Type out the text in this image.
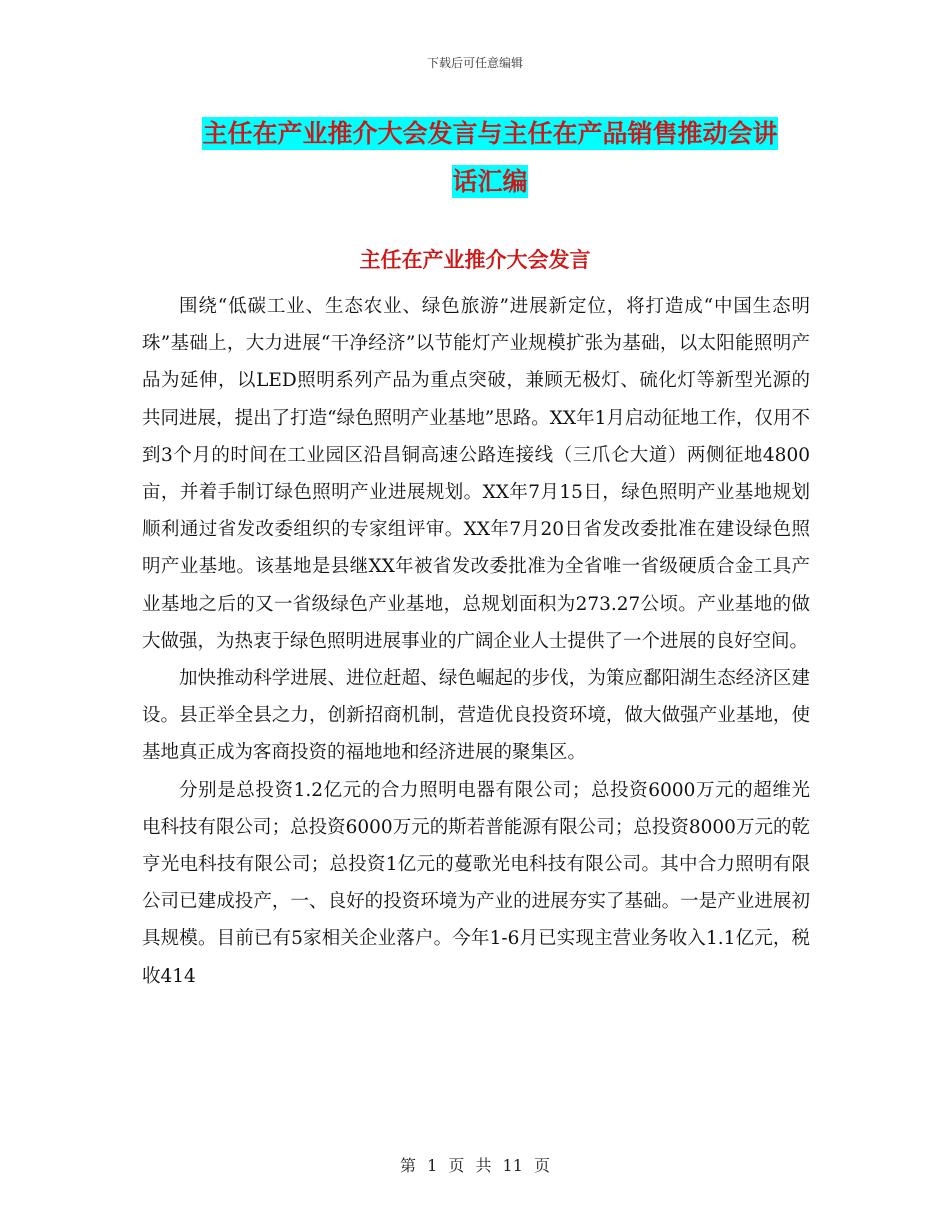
下载后可任意编辑
主任在产业推介大会发言与主任在产品销售推动会讲
话汇编
主任在产业推介大会发言

围绕“低碳工业、生态农业、绿色旅游”进展新定位，将打造成“中国生态明珠”基础上，大力进展“干净经济”以节能灯产业规模扩张为基础，以太阳能照明产品为延伸，以LED照明系列产品为重点突破，兼顾无极灯、硫化灯等新型光源的共同进展，提出了打造“绿色照明产业基地”思路。XX年1月启动征地工作，仅用不到3个月的时间在工业园区沿昌铜高速公路连接线（三爪仑大道）两侧征地4800亩，并着手制订绿色照明产业进展规划。XX年7月15日，绿色照明产业基地规划顺利通过省发改委组织的专家组评审。XX年7月20日省发改委批准在建设绿色照明产业基地。该基地是县继XX年被省发改委批准为全省唯一省级硬质合金工具产业基地之后的又一省级绿色产业基地，总规划面积为273.27公顷。产业基地的做大做强，为热衷于绿色照明进展事业的广阔企业人士提供了一个进展的良好空间。

加快推动科学进展、进位赶超、绿色崛起的步伐，为策应鄱阳湖生态经济区建设。县正举全县之力，创新招商机制，营造优良投资环境，做大做强产业基地，使基地真正成为客商投资的福地地和经济进展的聚集区。

分别是总投资1.2亿元的合力照明电器有限公司；总投资6000万元的超维光电科技有限公司；总投资6000万元的斯若普能源有限公司；总投资8000万元的乾亨光电科技有限公司；总投资1亿元的蔓歌光电科技有限公司。其中合力照明有限公司已建成投产，一、良好的投资环境为产业的进展夯实了基础。一是产业进展初具规模。目前已有5家相关企业落户。今年1-6月已实现主营业务收入1.1亿元，税收414

第 1 页 共 11 页
